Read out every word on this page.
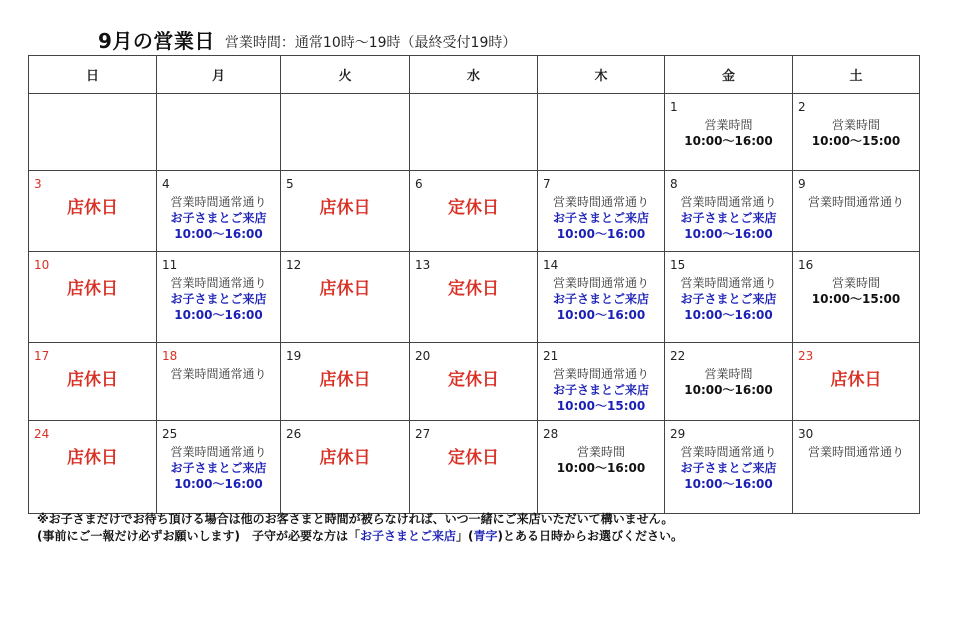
9月の営業日 営業時間：通常10時〜19時（最終受付19時）
日	月	火	水	木	金	土

					1
営業時間
10:00〜16:00	2
営業時間
10:00〜15:00

3
店休日	4
営業時間通常通り
お子さまとご来店
10:00〜16:00	5
店休日	6
定休日	7
営業時間通常通り
お子さまとご来店
10:00〜16:00	8
営業時間通常通り
お子さまとご来店
10:00〜16:00	9
営業時間通常通り

10
店休日	11
営業時間通常通り
お子さまとご来店
10:00〜16:00	12
店休日	13
定休日	14
営業時間通常通り
お子さまとご来店
10:00〜16:00	15
営業時間通常通り
お子さまとご来店
10:00〜16:00	16
営業時間
10:00〜15:00

17
店休日	18
営業時間通常通り	19
店休日	20
定休日	21
営業時間通常通り
お子さまとご来店
10:00〜15:00	22
営業時間
10:00〜16:00	23
店休日

24
店休日	25
営業時間通常通り
お子さまとご来店
10:00〜16:00	26
店休日	27
定休日	28
営業時間
10:00〜16:00	29
営業時間通常通り
お子さまとご来店
10:00〜16:00	30
営業時間通常通り
※お子さまだけでお待ち頂ける場合は他のお客さまと時間が被らなければ、いつ一緒にご来店いただいて構いません。
(事前にご一報だけ必ずお願いします)　子守が必要な方は「お子さまとご来店」(青字)とある日時からお選びください。
